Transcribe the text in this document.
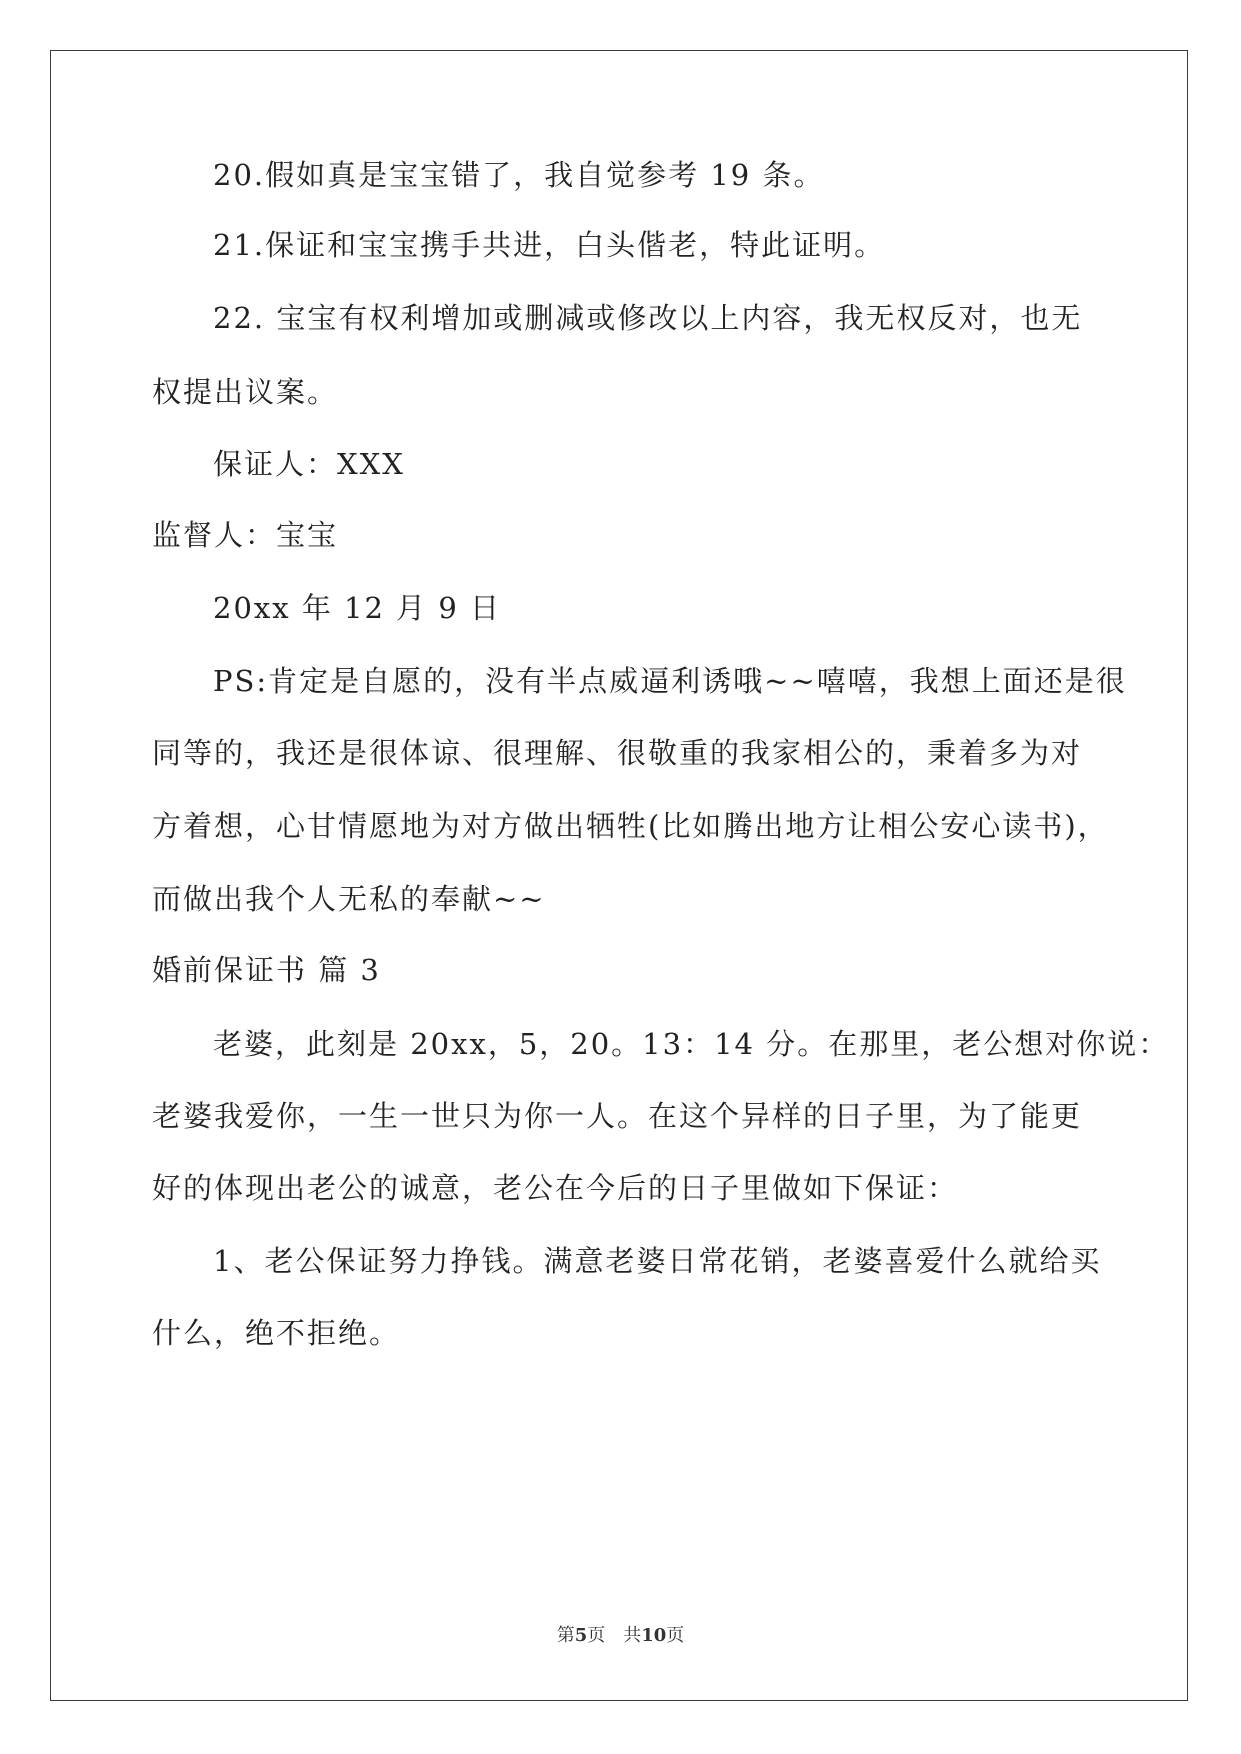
20.假如真是宝宝错了，我自觉参考 19 条。
21.保证和宝宝携手共进，白头偕老，特此证明。
22. 宝宝有权利增加或删减或修改以上内容，我无权反对，也无
权提出议案。
保证人：XXX
监督人：宝宝
20xx 年 12 月 9 日
PS:肯定是自愿的，没有半点威逼利诱哦~~嘻嘻，我想上面还是很
同等的，我还是很体谅、很理解、很敬重的我家相公的，秉着多为对
方着想，心甘情愿地为对方做出牺牲(比如腾出地方让相公安心读书)，
而做出我个人无私的奉献~~
婚前保证书 篇 3
老婆，此刻是 20xx，5，20。13：14 分。在那里，老公想对你说：
老婆我爱你，一生一世只为你一人。在这个异样的日子里，为了能更
好的体现出老公的诚意，老公在今后的日子里做如下保证：
1、老公保证努力挣钱。满意老婆日常花销，老婆喜爱什么就给买
什么，绝不拒绝。
第5页　共10页
